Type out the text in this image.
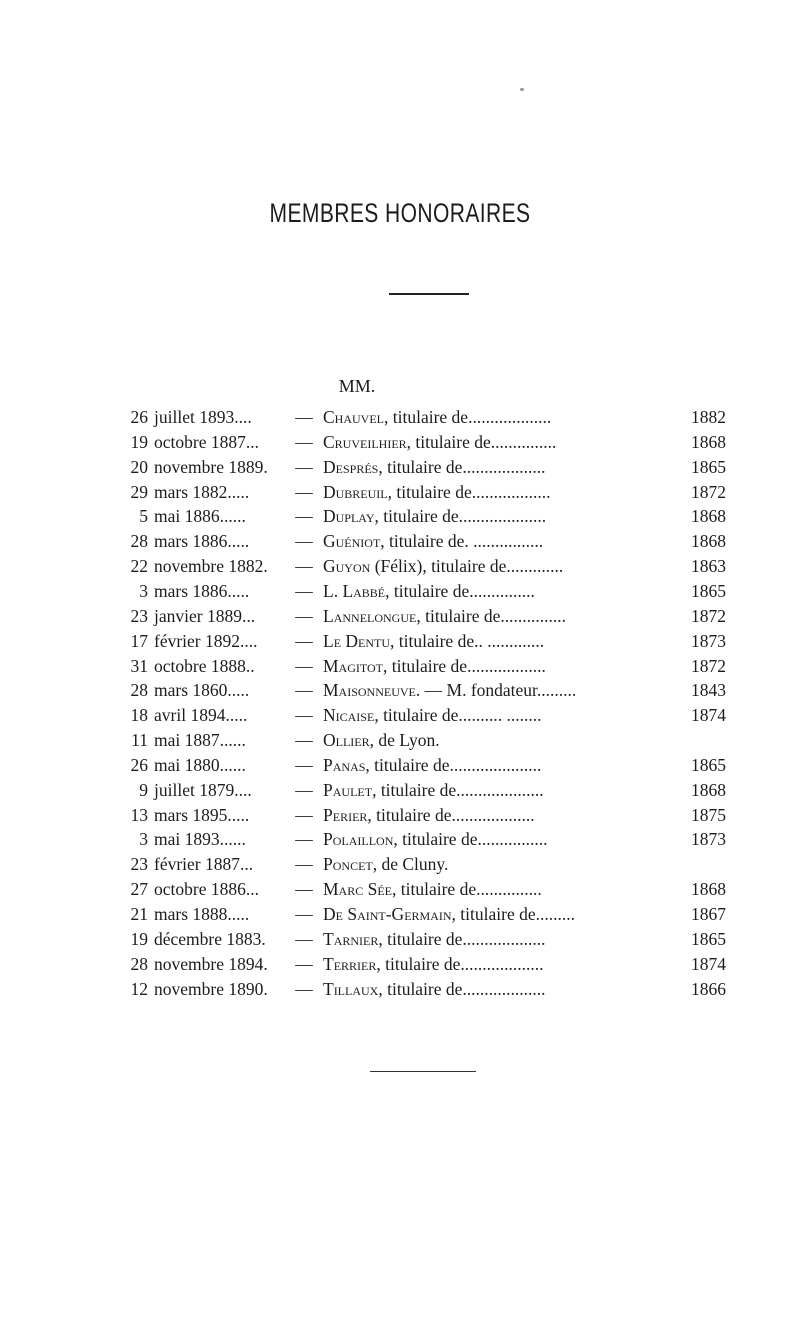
MEMBRES HONORAIRES
MM.
26 juillet 1893.... — Chauvel, titulaire de...................	1882
19 octobre 1887... — Cruveilhier, titulaire de...............	1868
20 novembre 1889. — Després, titulaire de...................	1865
29 mars 1882.....	— Dubreuil, titulaire de..................	1872
5 mai 1886......	— Duplay, titulaire de....................	1868
28 mars 1886.....	— Guéniot, titulaire de. ................	1868
22 novembre 1882. — Guyon (Félix), titulaire de.............	1863
3 mars 1886.....	— L. Labbé, titulaire de...............	1865
23 janvier 1889... — Lannelongue, titulaire de...............	1872
17 février 1892.... — Le Dentu, titulaire de.. .............	1873
31 octobre 1888.. — Magitot, titulaire de..................	1872
28 mars 1860.....	— Maisonneuve. — M. fondateur.........	1843
18 avril 1894.....	— Nicaise, titulaire de.......... ........	1874
11 mai 1887......	— Ollier, de Lyon.
26 mai 1880......	— Panas, titulaire de.....................	1865
9 juillet 1879.... — Paulet, titulaire de....................	1868
13 mars 1895.....	— Perier, titulaire de...................	1875
3 mai 1893......	— Polaillon, titulaire de................	1873
23 février 1887... — Poncet, de Cluny.
27 octobre 1886... — Marc Sée, titulaire de...............	1868
21 mars 1888.....	— De Saint-Germain, titulaire de.........	1867
19 décembre 1883. — Tarnier, titulaire de...................	1865
28 novembre 1894. — Terrier, titulaire de...................	1874
12 novembre 1890. — Tillaux, titulaire de...................	1866
